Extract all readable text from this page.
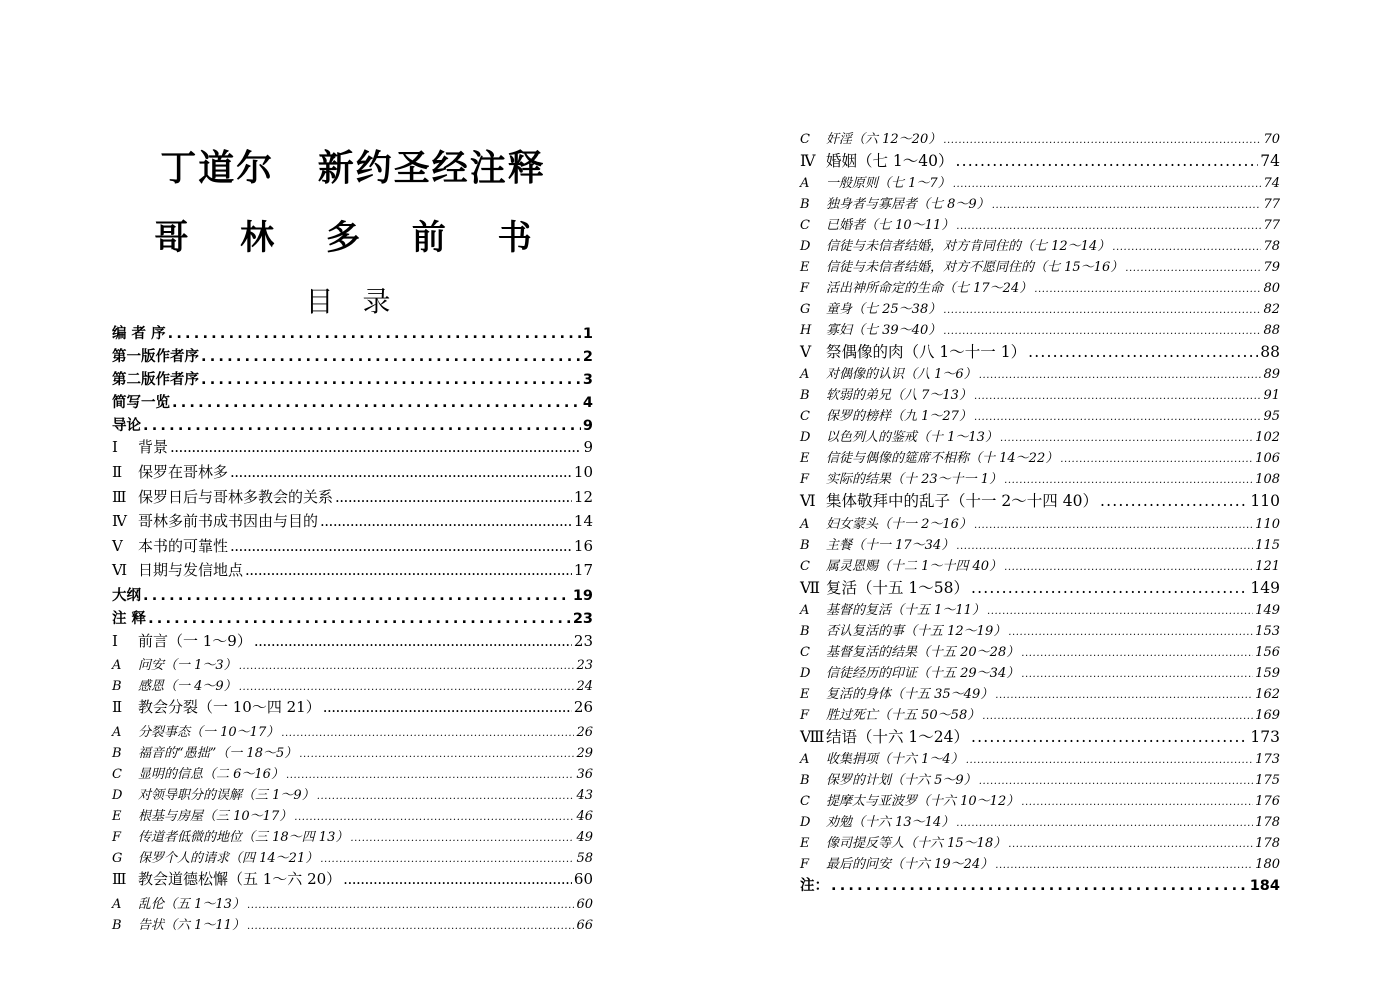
丁道尔   新约圣经注释
哥 林 多 前 书
目 录
编 者 序 .....	1
第一版作者序 .....	2
第二版作者序 .....	3
简写一览 .....	4
导论 .....	9
Ⅰ	背景 .....	9
Ⅱ	保罗在哥林多 .....	10
Ⅲ 保罗日后与哥林多教会的关系 .....	12
Ⅳ 哥林多前书成书因由与目的 .....	14
Ⅴ	本书的可靠性 .....	16
Ⅵ 日期与发信地点 .....	17
大纲 .....	19
注 释 .....	23
Ⅰ	前言（一 1～9） .....	23
A	问安（一 1～3） .....	23
B	感恩（一 4～9） .....	24
Ⅱ	教会分裂（一 10～四 21） .....	26
A	分裂事态（一 10～17） .....	26
B	福音的“愚拙”（一 18～5） .....	29
C	显明的信息（二 6～16） .....	36
D	对领导职分的误解（三 1～9） .....	43
E	根基与房屋（三 10～17） .....	46
F	传道者低微的地位（三 18～四 13） .....	49
G	保罗个人的请求（四 14～21） .....	58
Ⅲ 教会道德松懈（五 1～六 20） .....	60
A	乱伦（五 1～13） .....	60
B	告状（六 1～11） .....	66
C	奸淫（六 12～20） .....	70
Ⅳ 婚姻（七 1～40） .....	74
A	一般原则（七 1～7） .....	74
B	独身者与寡居者（七 8～9） .....	77
C	已婚者（七 10～11） .....	77
D	信徒与未信者结婚，对方肯同住的（七 12～14） .....	78
E	信徒与未信者结婚，对方不愿同住的（七 15～16） .....	79
F	活出神所命定的生命（七 17～24） .....	80
G	童身（七 25～38） .....	82
H	寡妇（七 39～40） .....	88
Ⅴ 祭偶像的肉（八 1～十一 1） .....	88
A	对偶像的认识（八 1～6） .....	89
B	软弱的弟兄（八 7～13） .....	91
C	保罗的榜样（九 1～27） .....	95
D	以色列人的鉴戒（十 1～13） .....	102
E	信徒与偶像的筵席不相称（十 14～22） .....	106
F	实际的结果（十 23～十一 1） .....	108
Ⅵ 集体敬拜中的乱子（十一 2～十四 40） .....	110
A	妇女蒙头（十一 2～16） .....	110
B	主餐（十一 17～34） .....	115
C	属灵恩赐（十二 1～十四 40） .....	121
Ⅶ 复活（十五 1～58） .....	149
A	基督的复活（十五 1～11） .....	149
B	否认复活的事（十五 12～19） .....	153
C	基督复活的结果（十五 20～28） .....	156
D	信徒经历的印证（十五 29～34） .....	159
E	复活的身体（十五 35～49） .....	162
F	胜过死亡（十五 50～58） .....	169
Ⅷ 结语（十六 1～24） .....	173
A	收集捐项（十六 1～4） .....	173
B	保罗的计划（十六 5～9） .....	175
C	提摩太与亚波罗（十六 10～12） .....	176
D	劝勉（十六 13～14） .....	178
E	像司提反等人（十六 15～18） .....	178
F	最后的问安（十六 19～24） .....	180
注： .....	184
